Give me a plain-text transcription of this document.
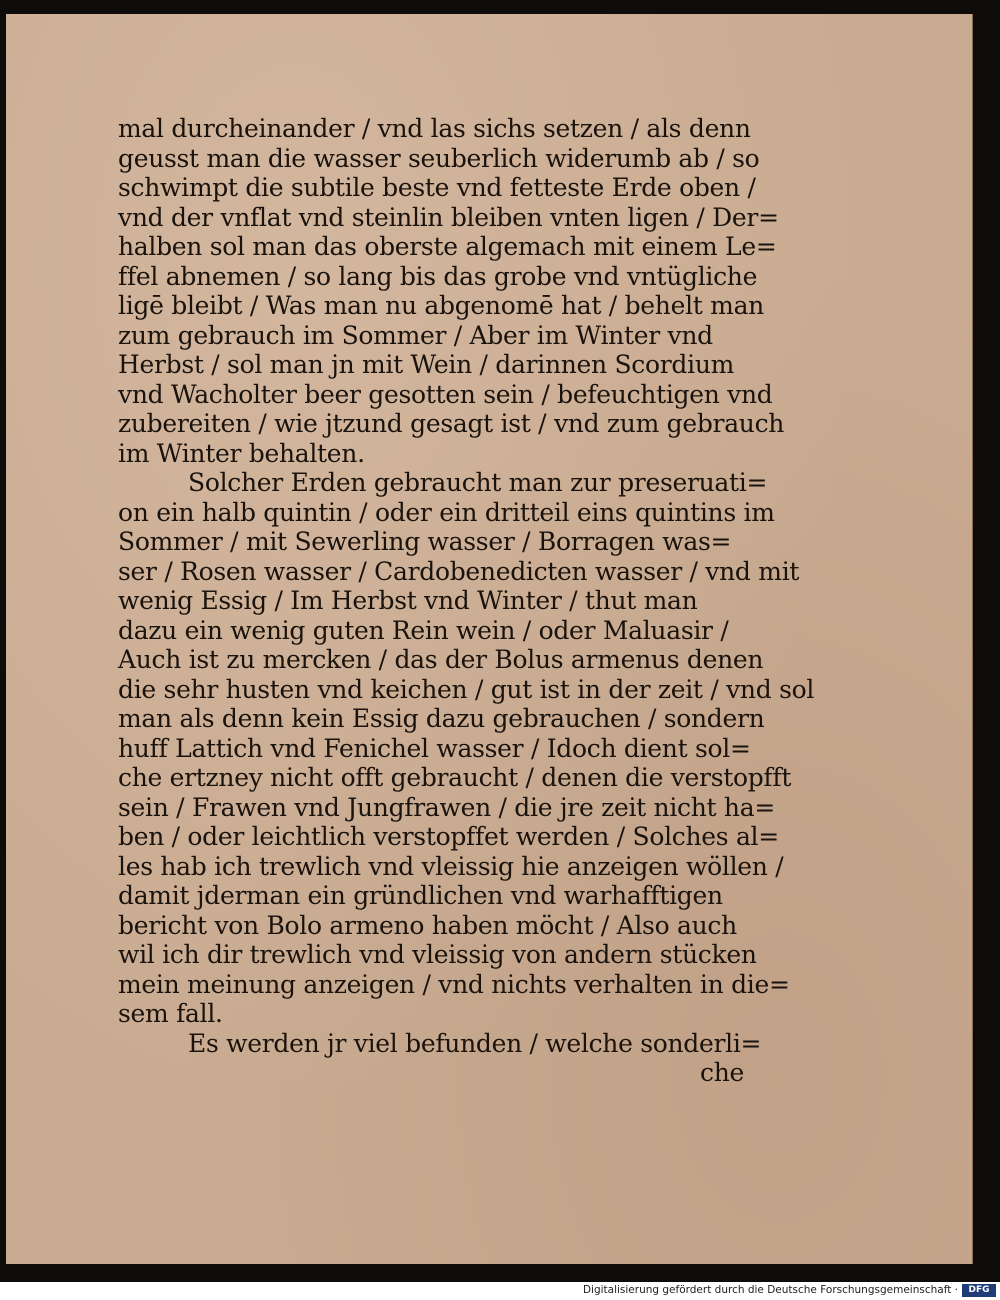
mal durcheinander / vnd las sichs setzen / als denn
geusst man die wasser seuberlich widerumb ab / so
schwimpt die subtile beste vnd fetteste Erde oben /
vnd der vnflat vnd steinlin bleiben vnten ligen / Der=
halben sol man das oberste algemach mit einem Le=
ffel abnemen / so lang bis das grobe vnd vntügliche
ligē bleibt / Was man nu abgenomē hat / behelt man
zum gebrauch im Sommer / Aber im Winter vnd
Herbst / sol man jn mit Wein / darinnen Scordium
vnd Wacholter beer gesotten sein / befeuchtigen vnd
zubereiten / wie jtzund gesagt ist / vnd zum gebrauch
im Winter behalten.
Solcher Erden gebraucht man zur preseruati=
on ein halb quintin / oder ein dritteil eins quintins im
Sommer / mit Sewerling wasser / Borragen was=
ser / Rosen wasser / Cardobenedicten wasser / vnd mit
wenig Essig / Im Herbst vnd Winter / thut man
dazu ein wenig guten Rein wein / oder Maluasir /
Auch ist zu mercken / das der Bolus armenus denen
die sehr husten vnd keichen / gut ist in der zeit / vnd sol
man als denn kein Essig dazu gebrauchen / sondern
huff Lattich vnd Fenichel wasser / Idoch dient sol=
che ertzney nicht offt gebraucht / denen die verstopfft
sein / Frawen vnd Jungfrawen / die jre zeit nicht ha=
ben / oder leichtlich verstopffet werden / Solches al=
les hab ich trewlich vnd vleissig hie anzeigen wöllen /
damit jderman ein gründlichen vnd warhafftigen
bericht von Bolo armeno haben möcht / Also auch
wil ich dir trewlich vnd vleissig von andern stücken
mein meinung anzeigen / vnd nichts verhalten in die=
sem fall.
Es werden jr viel befunden / welche sonderli=
che
Digitalisierung gefördert durch die Deutsche Forschungsgemeinschaft ·	DFG
